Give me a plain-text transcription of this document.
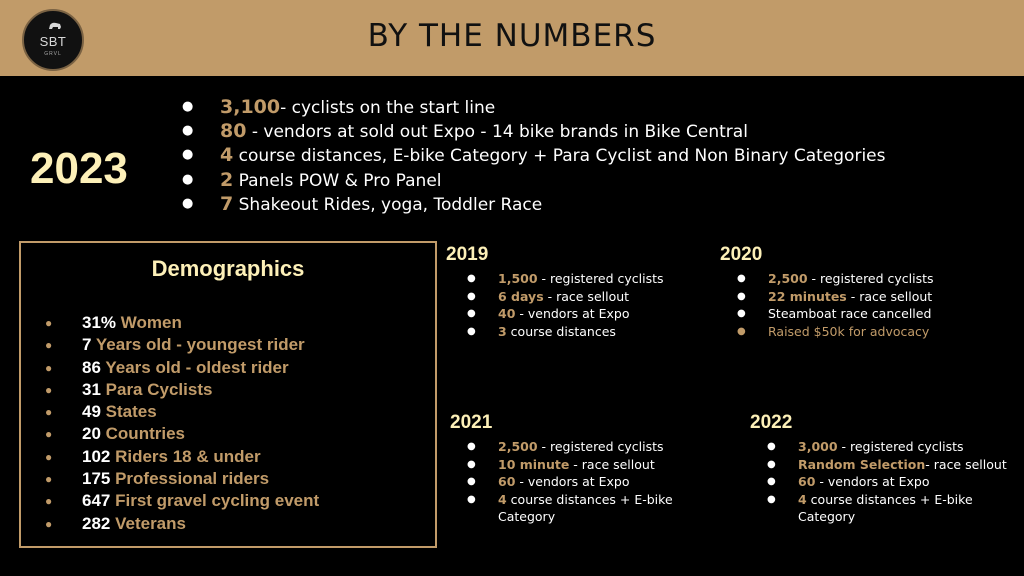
SBT
GRVL	BY THE NUMBERS
2023
● 3,100- cyclists on the start line
● 80 - vendors at sold out Expo - 14 bike brands in Bike Central
● 4 course distances, E-bike Category + Para Cyclist and Non Binary Categories
● 2 Panels POW & Pro Panel
● 7 Shakeout Rides, yoga, Toddler Race
Demographics
● 31% Women
● 7 Years old - youngest rider
● 86 Years old - oldest rider
● 31 Para Cyclists
● 49 States
● 20 Countries
● 102 Riders 18 & under
● 175 Professional riders
● 647 First gravel cycling event
● 282 Veterans
2019
● 1,500 - registered cyclists
● 6 days - race sellout
● 40 - vendors at Expo
● 3 course distances
2020
● 2,500 - registered cyclists
● 22 minutes - race sellout
● Steamboat race cancelled
● Raised $50k for advocacy
2021
● 2,500 - registered cyclists
● 10 minute - race sellout
● 60 - vendors at Expo
● 4 course distances + E-bike Category
2022
● 3,000 - registered cyclists
● Random Selection- race sellout
● 60 - vendors at Expo
● 4 course distances + E-bike Category
